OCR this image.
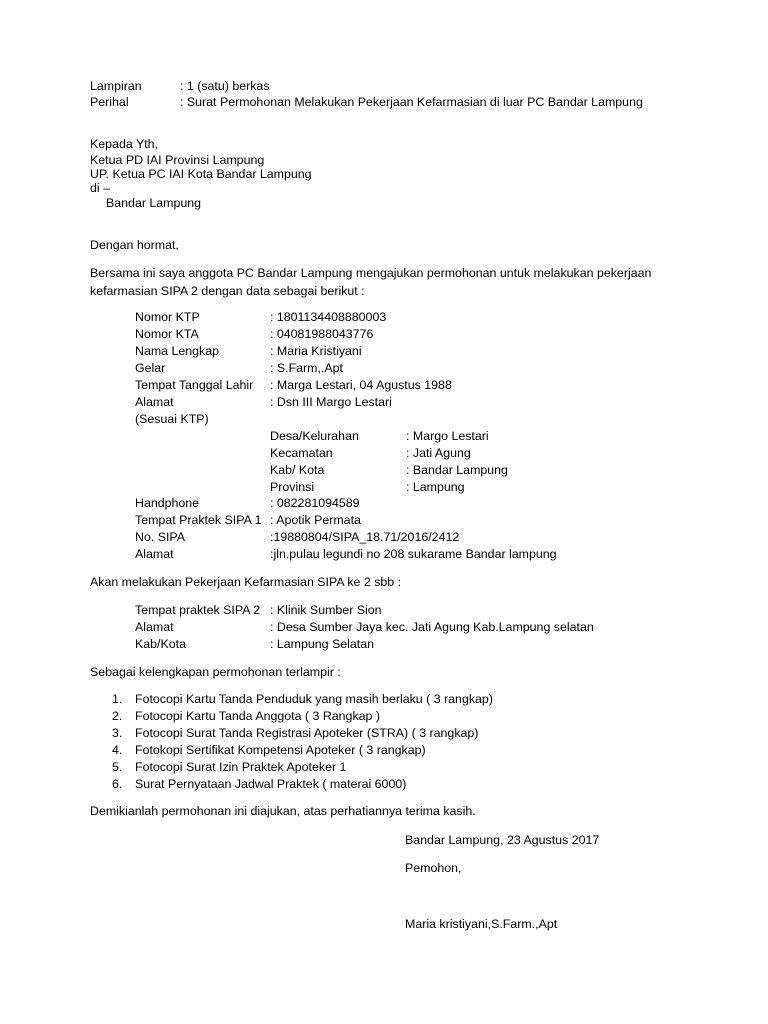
Lampiran	: 1 (satu) berkas
Perihal	: Surat Permohonan Melakukan Pekerjaan Kefarmasian di luar PC Bandar Lampung
Kepada Yth,
Ketua PD IAI Provinsi Lampung
UP. Ketua PC IAI Kota Bandar Lampung
di –
Bandar Lampung
Dengan hormat,
Bersama ini saya anggota PC Bandar Lampung mengajukan permohonan untuk melakukan pekerjaan kefarmasian SIPA 2 dengan data sebagai berikut :
Nomor KTP	: 1801134408880003
Nomor KTA	: 04081988043776
Nama Lengkap	: Maria Kristiyani
Gelar	: S.Farm,.Apt
Tempat Tanggal Lahir : Marga Lestari, 04 Agustus 1988
Alamat	: Dsn III Margo Lestari
(Sesuai KTP)
Desa/Kelurahan	: Margo Lestari
Kecamatan	: Jati Agung
Kab/ Kota	: Bandar Lampung
Provinsi	: Lampung
Handphone	: 082281094589
Tempat Praktek SIPA 1 : Apotik Permata
No. SIPA	:19880804/SIPA_18.71/2016/2412
Alamat	:jln.pulau legundi no 208 sukarame Bandar lampung
Akan melakukan Pekerjaan Kefarmasian SIPA ke 2 sbb :
Tempat praktek SIPA 2 : Klinik Sumber Sion
Alamat	: Desa Sumber Jaya kec. Jati Agung Kab.Lampung selatan
Kab/Kota	: Lampung Selatan
Sebagai kelengkapan permohonan terlampir :
1. Fotocopi Kartu Tanda Penduduk yang masih berlaku ( 3 rangkap)
2. Fotocopi Kartu Tanda Anggota ( 3 Rangkap )
3. Fotocopi Surat Tanda Registrasi Apoteker (STRA) ( 3 rangkap)
4. Fotokopi Sertifikat Kompetensi Apoteker ( 3 rangkap)
5. Fotocopi Surat Izin Praktek Apoteker 1
6. Surat Pernyataan Jadwal Praktek ( materai 6000)
Demikianlah permohonan ini diajukan, atas perhatiannya terima kasih.
Bandar Lampung, 23 Agustus 2017
Pemohon,
Maria kristiyani,S.Farm.,Apt
